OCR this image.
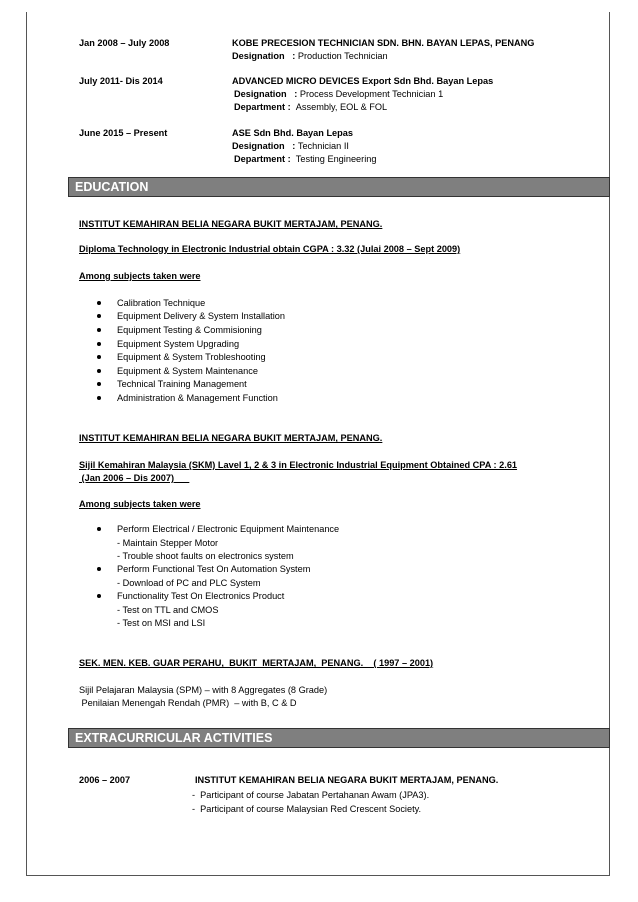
Jan 2008 – July 2008	KOBE PRECESION TECHNICIAN SDN. BHN. BAYAN LEPAS, PENANG
Designation   : Production Technician
July 2011- Dis 2014	ADVANCED MICRO DEVICES Export Sdn Bhd. Bayan Lepas
Designation   : Process Development Technician 1
Department : Assembly, EOL & FOL
June 2015 – Present	ASE Sdn Bhd. Bayan Lepas
Designation   : Technician II
Department : Testing Engineering
EDUCATION
INSTITUT KEMAHIRAN BELIA NEGARA BUKIT MERTAJAM, PENANG.
Diploma Technology in Electronic Industrial obtain CGPA : 3.32 (Julai 2008 – Sept 2009)
Among subjects taken were
Calibration Technique
Equipment Delivery & System Installation
Equipment Testing & Commisioning
Equipment System Upgrading
Equipment & System Trobleshooting
Equipment & System Maintenance
Technical Training Management
Administration & Management Function
INSTITUT KEMAHIRAN BELIA NEGARA BUKIT MERTAJAM, PENANG.
Sijil Kemahiran Malaysia (SKM) Lavel 1, 2 & 3 in Electronic Industrial Equipment Obtained CPA : 2.61
(Jan 2006 – Dis 2007)
Among subjects taken were
Perform Electrical / Electronic Equipment Maintenance
- Maintain Stepper Motor
- Trouble shoot faults on electronics system
Perform Functional Test On Automation System
- Download of PC and PLC System
Functionality Test On Electronics Product
- Test on TTL and CMOS
- Test on MSI and LSI
SEK. MEN. KEB. GUAR PERAHU,  BUKIT  MERTAJAM,  PENANG.    ( 1997 – 2001)
Sijil Pelajaran Malaysia (SPM) – with 8 Aggregates (8 Grade)
Penilaian Menengah Rendah (PMR)  – with B, C & D
EXTRACURRICULAR ACTIVITIES
2006 – 2007	INSTITUT KEMAHIRAN BELIA NEGARA BUKIT MERTAJAM, PENANG.
-  Participant of course Jabatan Pertahanan Awam (JPA3).
-  Participant of course Malaysian Red Crescent Society.
